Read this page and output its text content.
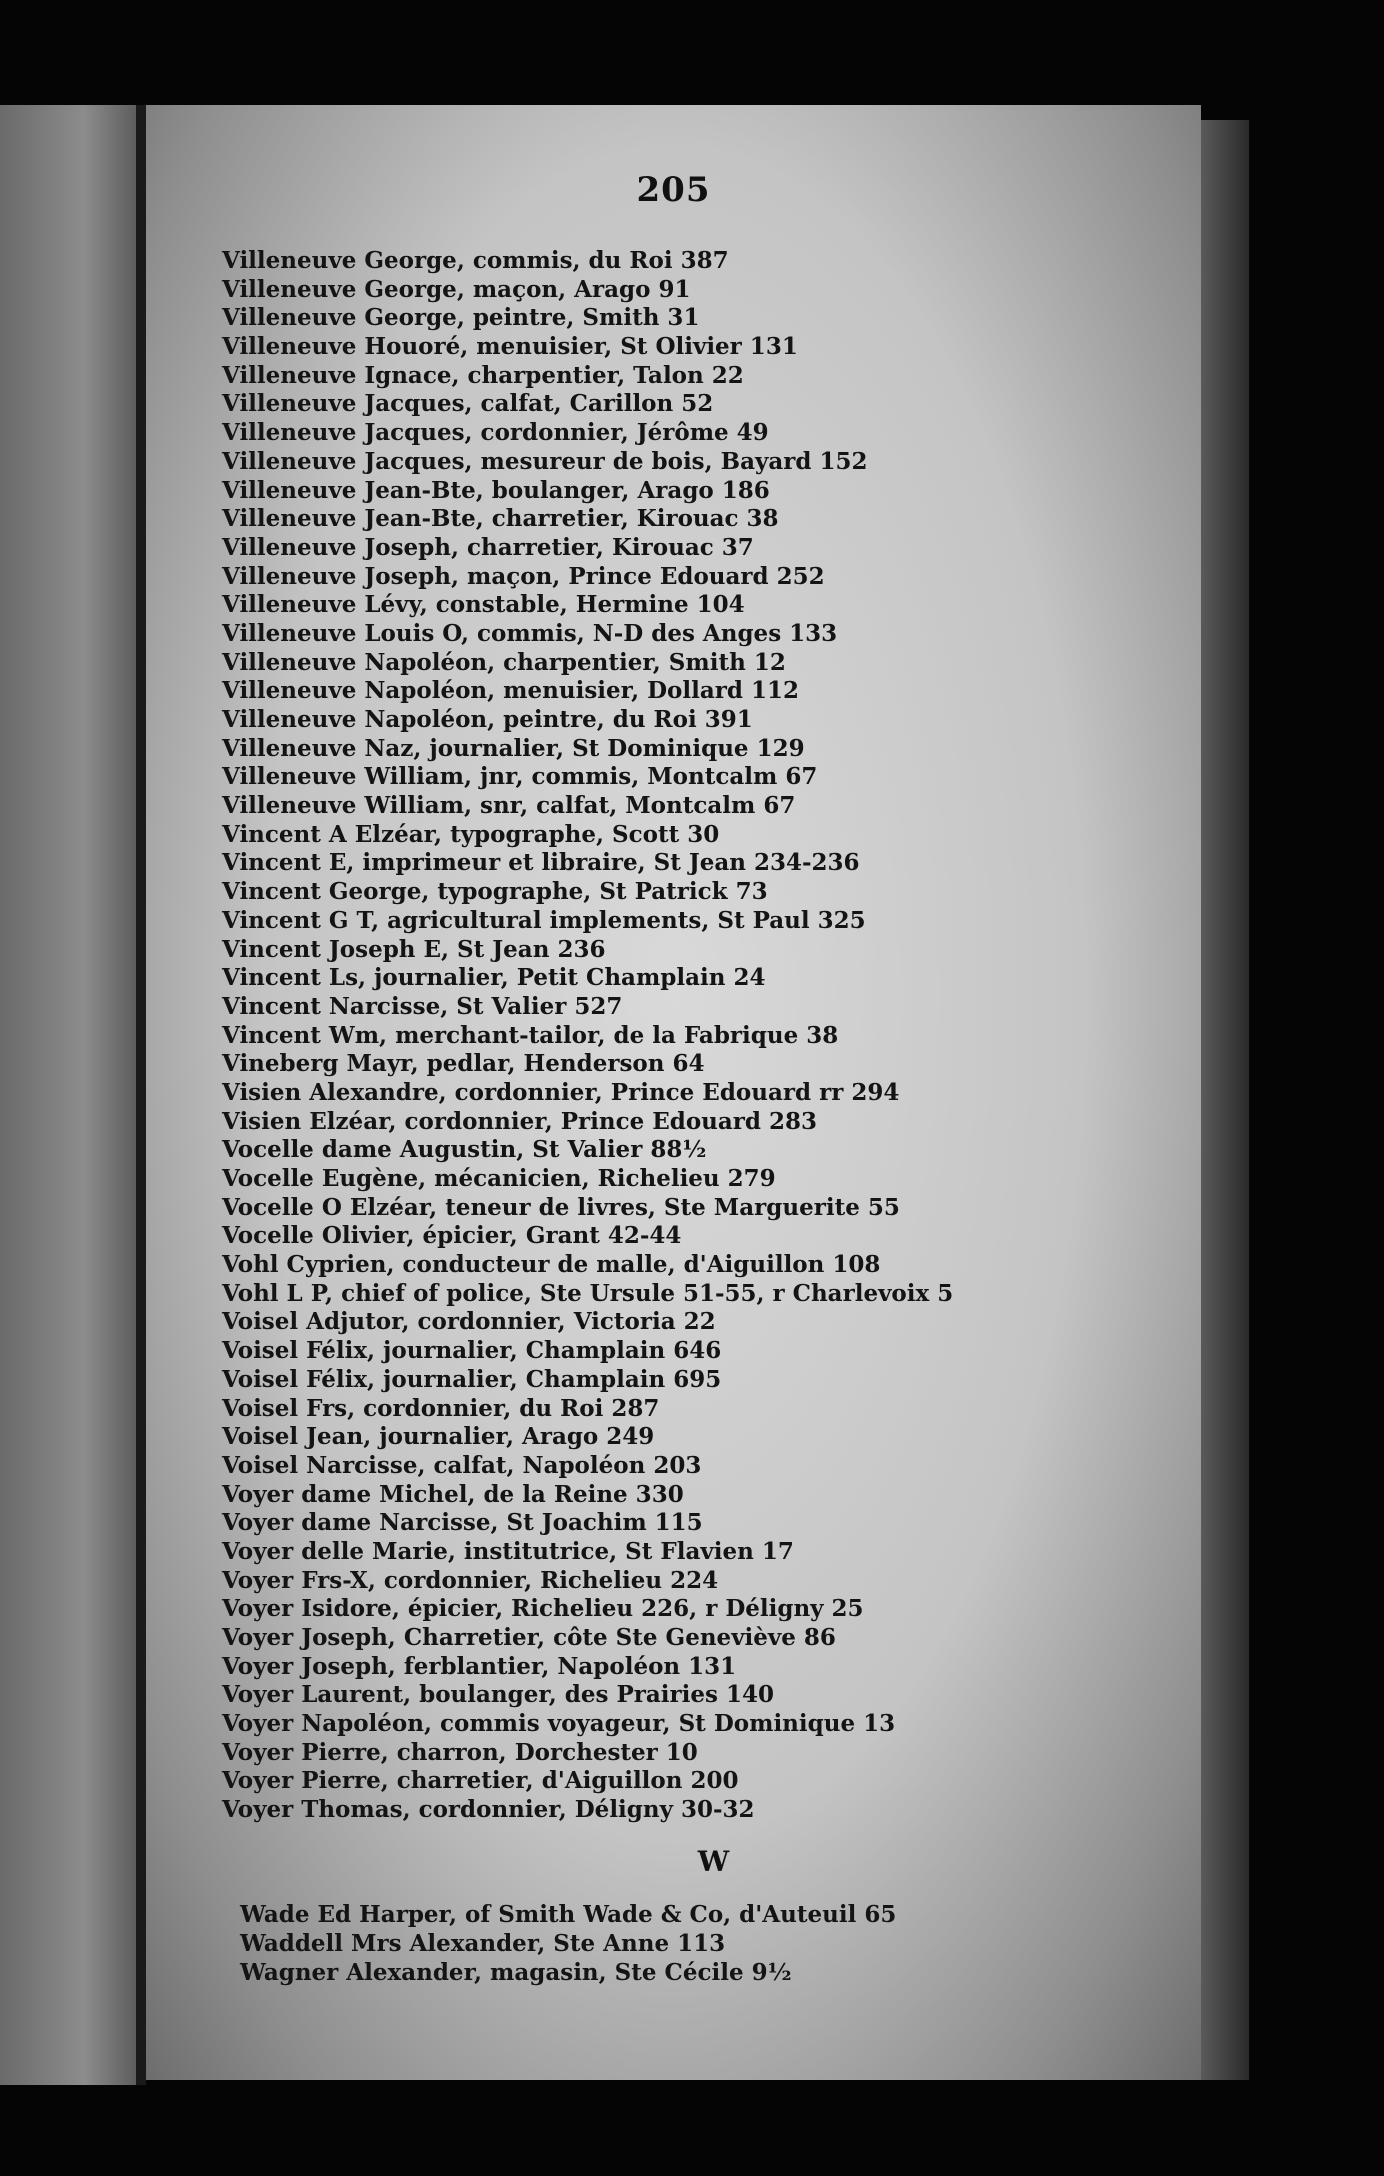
205
Villeneuve George, commis, du Roi 387
Villeneuve George, maçon, Arago 91
Villeneuve George, peintre, Smith 31
Villeneuve Houoré, menuisier, St Olivier 131
Villeneuve Ignace, charpentier, Talon 22
Villeneuve Jacques, calfat, Carillon 52
Villeneuve Jacques, cordonnier, Jérôme 49
Villeneuve Jacques, mesureur de bois, Bayard 152
Villeneuve Jean-Bte, boulanger, Arago 186
Villeneuve Jean-Bte, charretier, Kirouac 38
Villeneuve Joseph, charretier, Kirouac 37
Villeneuve Joseph, maçon, Prince Edouard 252
Villeneuve Lévy, constable, Hermine 104
Villeneuve Louis O, commis, N-D des Anges 133
Villeneuve Napoléon, charpentier, Smith 12
Villeneuve Napoléon, menuisier, Dollard 112
Villeneuve Napoléon, peintre, du Roi 391
Villeneuve Naz, journalier, St Dominique 129
Villeneuve William, jnr, commis, Montcalm 67
Villeneuve William, snr, calfat, Montcalm 67
Vincent A Elzéar, typographe, Scott 30
Vincent E, imprimeur et libraire, St Jean 234-236
Vincent George, typographe, St Patrick 73
Vincent G T, agricultural implements, St Paul 325
Vincent Joseph E, St Jean 236
Vincent Ls, journalier, Petit Champlain 24
Vincent Narcisse, St Valier 527
Vincent Wm, merchant-tailor, de la Fabrique 38
Vineberg Mayr, pedlar, Henderson 64
Visien Alexandre, cordonnier, Prince Edouard rr 294
Visien Elzéar, cordonnier, Prince Edouard 283
Vocelle dame Augustin, St Valier 88½
Vocelle Eugène, mécanicien, Richelieu 279
Vocelle O Elzéar, teneur de livres, Ste Marguerite 55
Vocelle Olivier, épicier, Grant 42-44
Vohl Cyprien, conducteur de malle, d'Aiguillon 108
Vohl L P, chief of police, Ste Ursule 51-55, r Charlevoix 5
Voisel Adjutor, cordonnier, Victoria 22
Voisel Félix, journalier, Champlain 646
Voisel Félix, journalier, Champlain 695
Voisel Frs, cordonnier, du Roi 287
Voisel Jean, journalier, Arago 249
Voisel Narcisse, calfat, Napoléon 203
Voyer dame Michel, de la Reine 330
Voyer dame Narcisse, St Joachim 115
Voyer delle Marie, institutrice, St Flavien 17
Voyer Frs-X, cordonnier, Richelieu 224
Voyer Isidore, épicier, Richelieu 226, r Déligny 25
Voyer Joseph, Charretier, côte Ste Geneviève 86
Voyer Joseph, ferblantier, Napoléon 131
Voyer Laurent, boulanger, des Prairies 140
Voyer Napoléon, commis voyageur, St Dominique 13
Voyer Pierre, charron, Dorchester 10
Voyer Pierre, charretier, d'Aiguillon 200
Voyer Thomas, cordonnier, Déligny 30-32
W
Wade Ed Harper, of Smith Wade & Co, d'Auteuil 65
Waddell Mrs Alexander, Ste Anne 113
Wagner Alexander, magasin, Ste Cécile 9½
